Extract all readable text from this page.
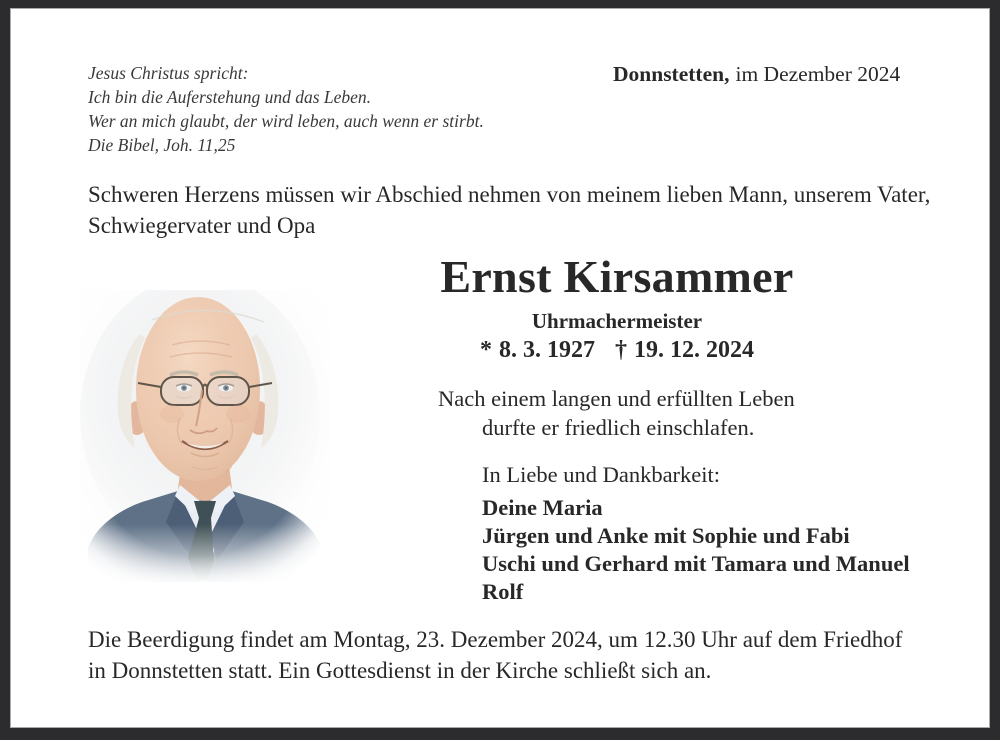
Jesus Christus spricht:
Ich bin die Auferstehung und das Leben.
Wer an mich glaubt, der wird leben, auch wenn er stirbt.
Die Bibel, Joh. 11,25
Donnstetten, im Dezember 2024
Schweren Herzens müssen wir Abschied nehmen von meinem lieben Mann, unserem Vater,
Schwiegervater und Opa
Ernst Kirsammer
Uhrmachermeister
* 8. 3. 1927 † 19. 12. 2024
Nach einem langen und erfüllten Leben
durfte er friedlich einschlafen.
In Liebe und Dankbarkeit:
Deine Maria
Jürgen und Anke mit Sophie und Fabi
Uschi und Gerhard mit Tamara und Manuel
Rolf
Die Beerdigung findet am Montag, 23. Dezember 2024, um 12.30 Uhr auf dem Friedhof
in Donnstetten statt. Ein Gottesdienst in der Kirche schließt sich an.
